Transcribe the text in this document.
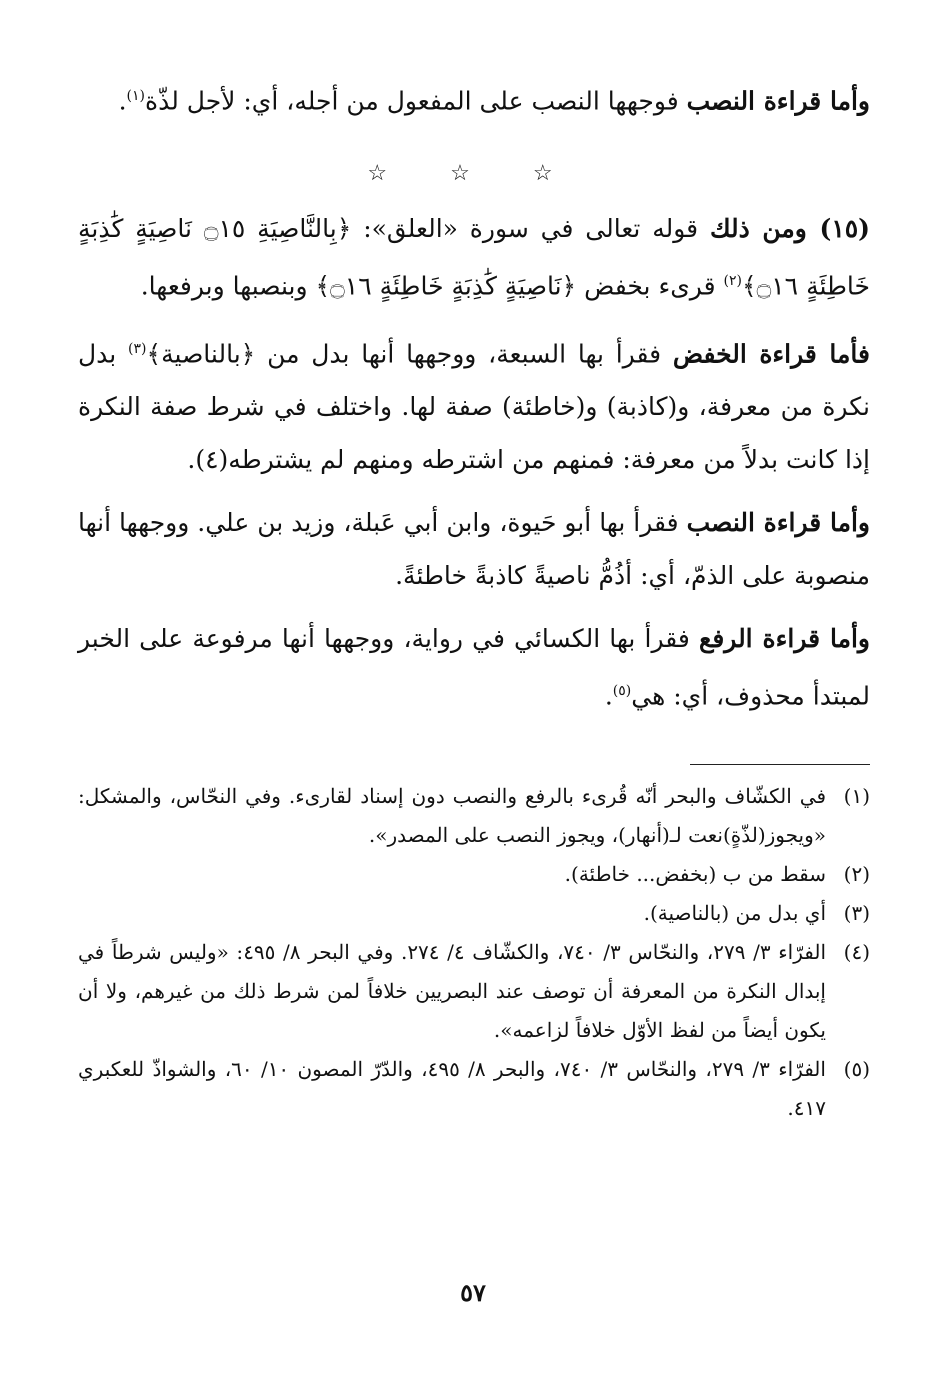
وأما قراءة النصب فوجهها النصب على المفعول من أجله، أي: لأجل لذّة$^{(١)}$.

☆ ☆ ☆

(١٥) ومن ذلك قوله تعالى في سورة «العلق»: ﴿بِالنَّاصِيَةِ ۝١٥ نَاصِيَةٍ كَٰذِبَةٍ خَاطِئَةٍ ۝١٦﴾$^{(٢)}$ قرىء بخفض ﴿نَاصِيَةٍ كَٰذِبَةٍ خَاطِئَةٍ ۝١٦﴾ وبنصبها وبرفعها.

فأما قراءة الخفض فقرأ بها السبعة، ووجهها أنها بدل من ﴿بالناصية﴾$^{(٣)}$ بدل نكرة من معرفة، و(كاذبة) و(خاطئة) صفة لها. واختلف في شرط صفة النكرة إذا كانت بدلاً من معرفة: فمنهم من اشترطه ومنهم لم يشترطه(٤).

وأما قراءة النصب فقرأ بها أبو حَيوة، وابن أبي عَبلة، وزيد بن علي. ووجهها أنها منصوبة على الذمّ، أي: أذُمُّ ناصيةً كاذبةً خاطئةً.

وأما قراءة الرفع فقرأ بها الكسائي في رواية، ووجهها أنها مرفوعة على الخبر لمبتدأ محذوف، أي: هي$^{(٥)}$.

(١)
في الكشّاف والبحر أنّه قُرىء بالرفع والنصب دون إسناد لقارىء. وفي النحّاس، والمشكل: «ويجوز(لذّةٍ)نعت لـ(أنهار)، ويجوز النصب على المصدر».
(٢)
سقط من ب (بخفض... خاطئة).
(٣)
أي بدل من (بالناصية).
(٤)
الفرّاء ٣/ ٢٧٩، والنحّاس ٣/ ٧٤٠، والكشّاف ٤/ ٢٧٤. وفي البحر ٨/ ٤٩٥: «وليس شرطاً في إبدال النكرة من المعرفة أن توصف عند البصريين خلافاً لمن شرط ذلك من غيرهم، ولا أن يكون أيضاً من لفظ الأوّل خلافاً لزاعمه».
(٥)
الفرّاء ٣/ ٢٧٩، والنحّاس ٣/ ٧٤٠، والبحر ٨/ ٤٩٥، والدّرّ المصون ١٠/ ٦٠، والشواذّ للعكبري ٤١٧.
٥٧
